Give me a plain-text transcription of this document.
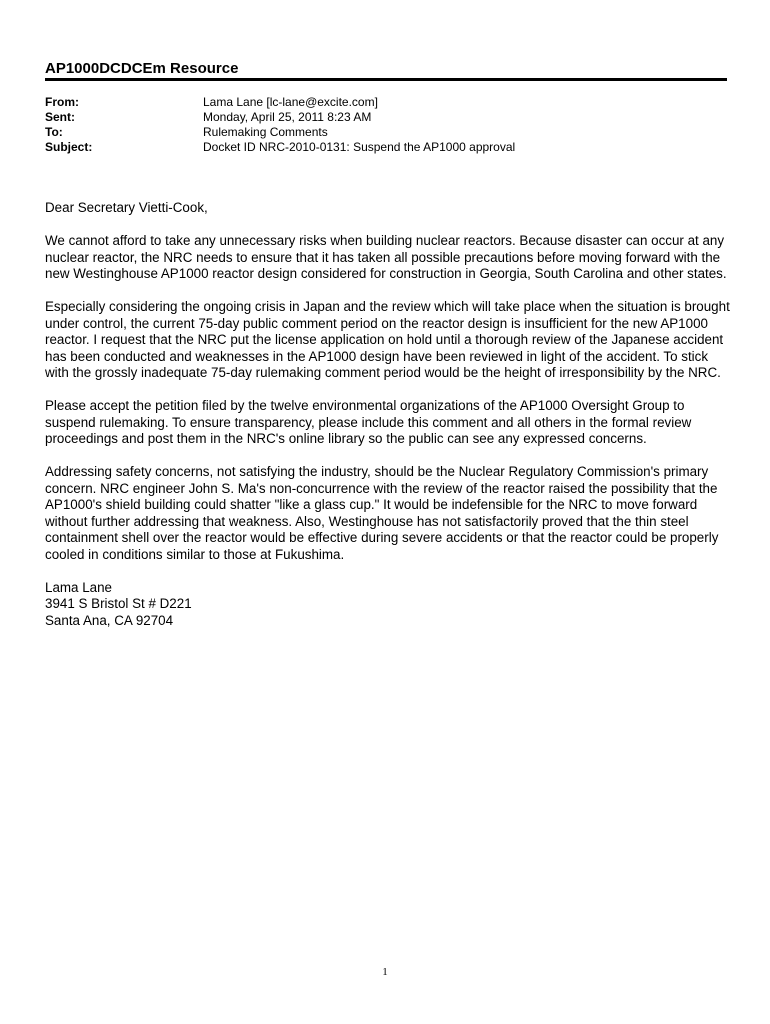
AP1000DCDCEm Resource
From:	Lama Lane [lc-lane@excite.com]
Sent:	Monday, April 25, 2011 8:23 AM
To:	Rulemaking Comments
Subject:	Docket ID NRC-2010-0131: Suspend the AP1000 approval

Dear Secretary Vietti-Cook,

We cannot afford to take any unnecessary risks when building nuclear reactors. Because disaster can occur at any nuclear reactor, the NRC needs to ensure that it has taken all possible precautions before moving forward with the new Westinghouse AP1000 reactor design considered for construction in Georgia, South Carolina and other states.

Especially considering the ongoing crisis in Japan and the review which will take place when the situation is brought under control, the current 75-day public comment period on the reactor design is insufficient for the new AP1000 reactor. I request that the NRC put the license application on hold until a thorough review of the Japanese accident has been conducted and weaknesses in the AP1000 design have been reviewed in light of the accident. To stick with the grossly inadequate 75-day rulemaking comment period would be the height of irresponsibility by the NRC.

Please accept the petition filed by the twelve environmental organizations of the AP1000 Oversight Group to suspend rulemaking. To ensure transparency, please include this comment and all others in the formal review proceedings and post them in the NRC's online library so the public can see any expressed concerns.

Addressing safety concerns, not satisfying the industry, should be the Nuclear Regulatory Commission's primary concern. NRC engineer John S. Ma's non-concurrence with the review of the reactor raised the possibility that the AP1000's shield building could shatter "like a glass cup." It would be indefensible for the NRC to move forward without further addressing that weakness. Also, Westinghouse has not satisfactorily proved that the thin steel containment shell over the reactor would be effective during severe accidents or that the reactor could be properly cooled in conditions similar to those at Fukushima.

Lama Lane

3941 S Bristol St # D221

Santa Ana, CA 92704

1
